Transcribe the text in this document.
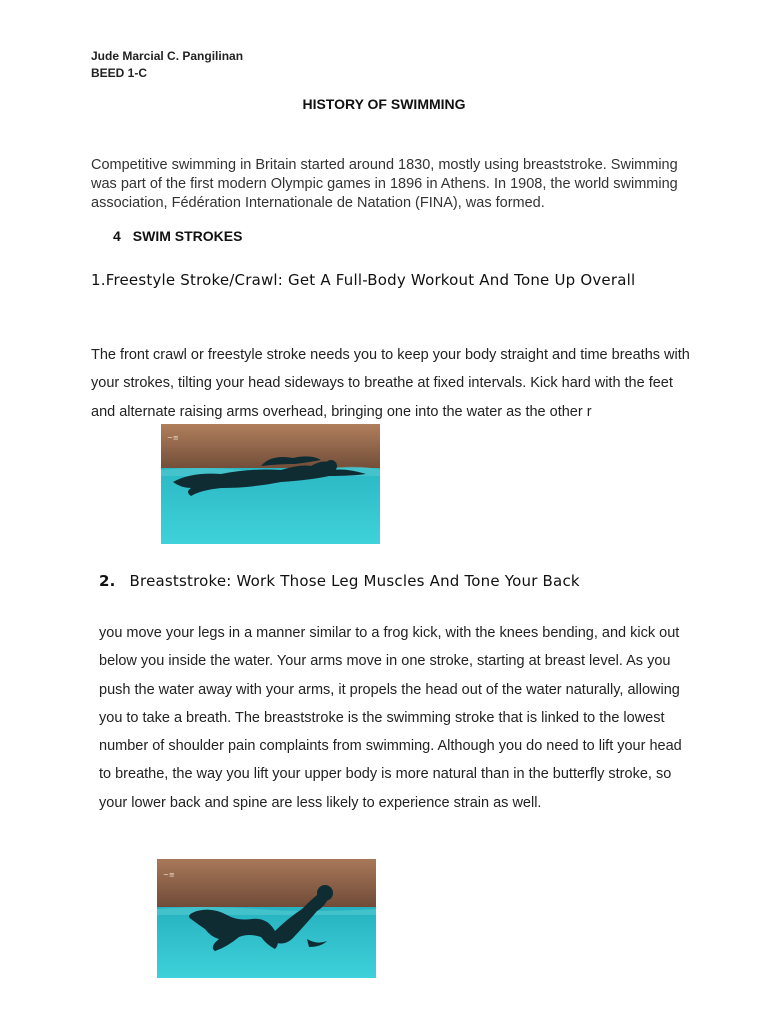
Jude Marcial C. Pangilinan
BEED 1-C
HISTORY OF SWIMMING
Competitive swimming in Britain started around 1830, mostly using breaststroke. Swimming was part of the first modern Olympic games in 1896 in Athens. In 1908, the world swimming association, Fédération Internationale de Natation (FINA), was formed.
4 SWIM STROKES
1.Freestyle Stroke/Crawl: Get A Full-Body Workout And Tone Up Overall
The front crawl or freestyle stroke needs you to keep your body straight and time breaths with your strokes, tilting your head sideways to breathe at fixed intervals. Kick hard with the feet and alternate raising arms overhead, bringing one into the water as the other r
~≅
2. Breaststroke: Work Those Leg Muscles And Tone Your Back
you move your legs in a manner similar to a frog kick, with the knees bending, and kick out below you inside the water. Your arms move in one stroke, starting at breast level. As you push the water away with your arms, it propels the head out of the water naturally, allowing you to take a breath. The breaststroke is the swimming stroke that is linked to the lowest number of shoulder pain complaints from swimming. Although you do need to lift your head to breathe, the way you lift your upper body is more natural than in the butterfly stroke, so your lower back and spine are less likely to experience strain as well.
~≅
